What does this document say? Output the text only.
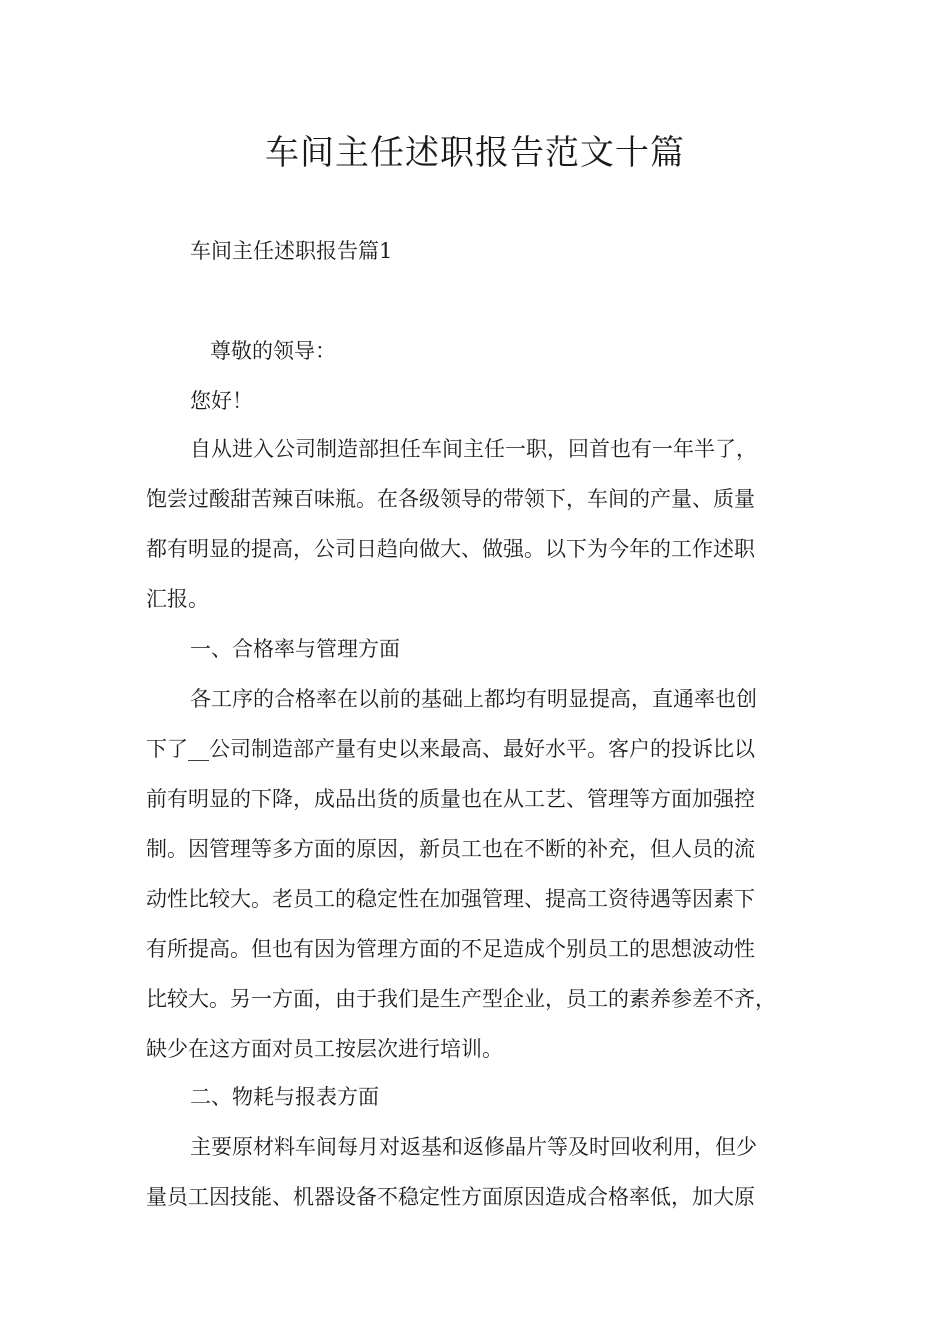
车间主任述职报告范文十篇

车间主任述职报告篇1

尊敬的领导：

您好！

自从进入公司制造部担任车间主任一职，回首也有一年半了，

饱尝过酸甜苦辣百味瓶。在各级领导的带领下，车间的产量、质量

都有明显的提高，公司日趋向做大、做强。以下为今年的工作述职

汇报。

一、合格率与管理方面

各工序的合格率在以前的基础上都均有明显提高，直通率也创

下了__公司制造部产量有史以来最高、最好水平。客户的投诉比以

前有明显的下降，成品出货的质量也在从工艺、管理等方面加强控

制。因管理等多方面的原因，新员工也在不断的补充，但人员的流

动性比较大。老员工的稳定性在加强管理、提高工资待遇等因素下

有所提高。但也有因为管理方面的不足造成个别员工的思想波动性

比较大。另一方面，由于我们是生产型企业，员工的素养参差不齐，

缺少在这方面对员工按层次进行培训。

二、物耗与报表方面

主要原材料车间每月对返基和返修晶片等及时回收利用，但少

量员工因技能、机器设备不稳定性方面原因造成合格率低，加大原
